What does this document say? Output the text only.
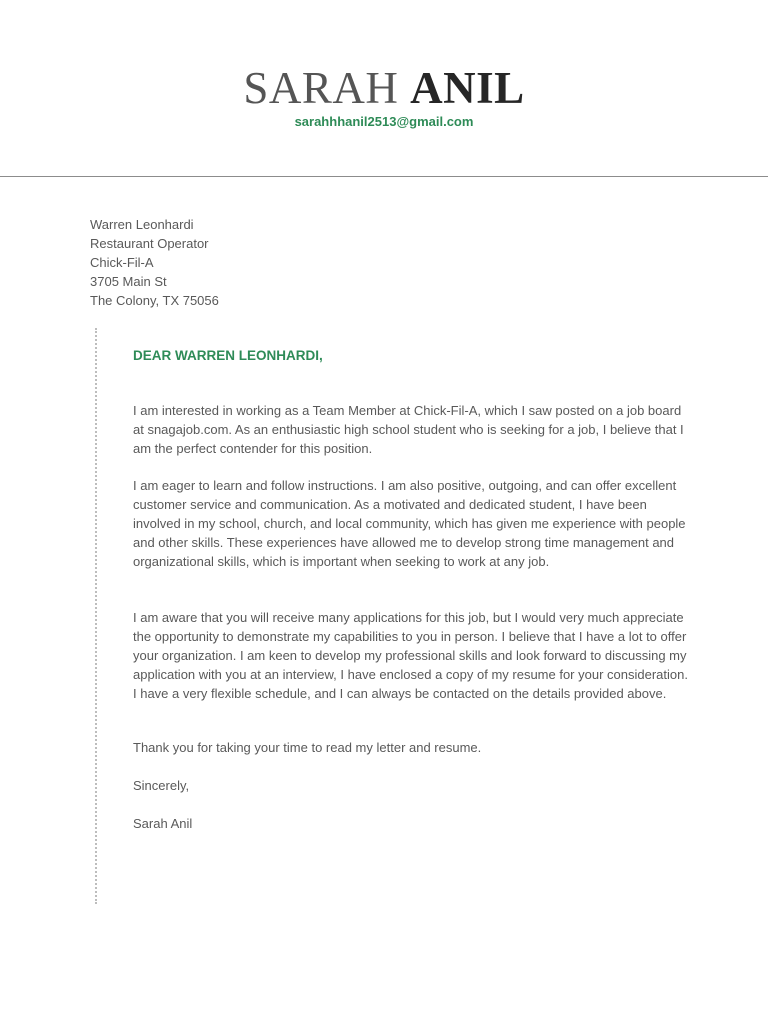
SARAH ANIL
sarahhhanil2513@gmail.com
Warren Leonhardi
Restaurant Operator
Chick-Fil-A
3705 Main St
The Colony, TX 75056
DEAR WARREN LEONHARDI,

I am interested in working as a Team Member at Chick-Fil-A, which I saw posted on a job board at snagajob.com. As an enthusiastic high school student who is seeking for a job, I believe that I am the perfect contender for this position.

I am eager to learn and follow instructions. I am also positive, outgoing, and can offer excellent customer service and communication. As a motivated and dedicated student, I have been involved in my school, church, and local community, which has given me experience with people and other skills. These experiences have allowed me to develop strong time management and organizational skills, which is important when seeking to work at any job.

I am aware that you will receive many applications for this job, but I would very much appreciate the opportunity to demonstrate my capabilities to you in person. I believe that I have a lot to offer your organization. I am keen to develop my professional skills and look forward to discussing my application with you at an interview, I have enclosed a copy of my resume for your consideration. I have a very flexible schedule, and I can always be contacted on the details provided above.

Thank you for taking your time to read my letter and resume.

Sincerely,
Sarah Anil
